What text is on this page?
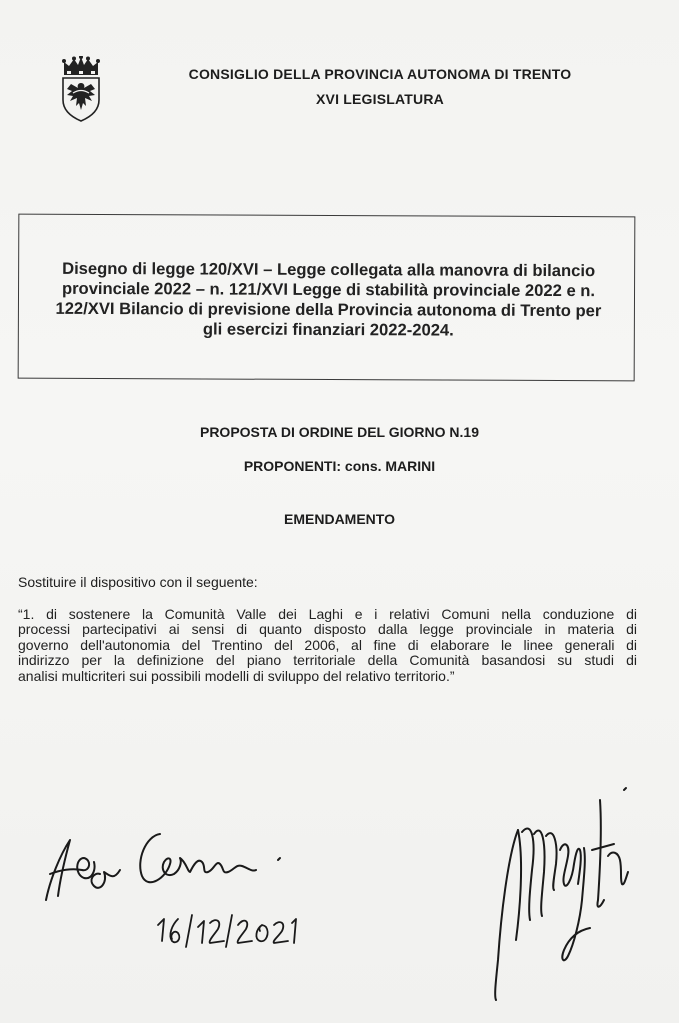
CONSIGLIO DELLA PROVINCIA AUTONOMA DI TRENTO
XVI LEGISLATURA
Disegno di legge 120/XVI – Legge collegata alla manovra di bilancio
provinciale 2022 – n. 121/XVI Legge di stabilità provinciale 2022 e n.
122/XVI Bilancio di previsione della Provincia autonoma di Trento per
gli esercizi finanziari 2022-2024.
PROPOSTA DI ORDINE DEL GIORNO N.19
PROPONENTI: cons. MARINI
EMENDAMENTO
Sostituire il dispositivo con il seguente:
“1. di sostenere la Comunità Valle dei Laghi e i relativi Comuni nella conduzione di
processi partecipativi ai sensi di quanto disposto dalla legge provinciale in materia di
governo dell'autonomia del Trentino del 2006, al fine di elaborare le linee generali di
indirizzo per la definizione del piano territoriale della Comunità basandosi su studi di
analisi multicriteri sui possibili modelli di sviluppo del relativo territorio.”
16/12/2021
